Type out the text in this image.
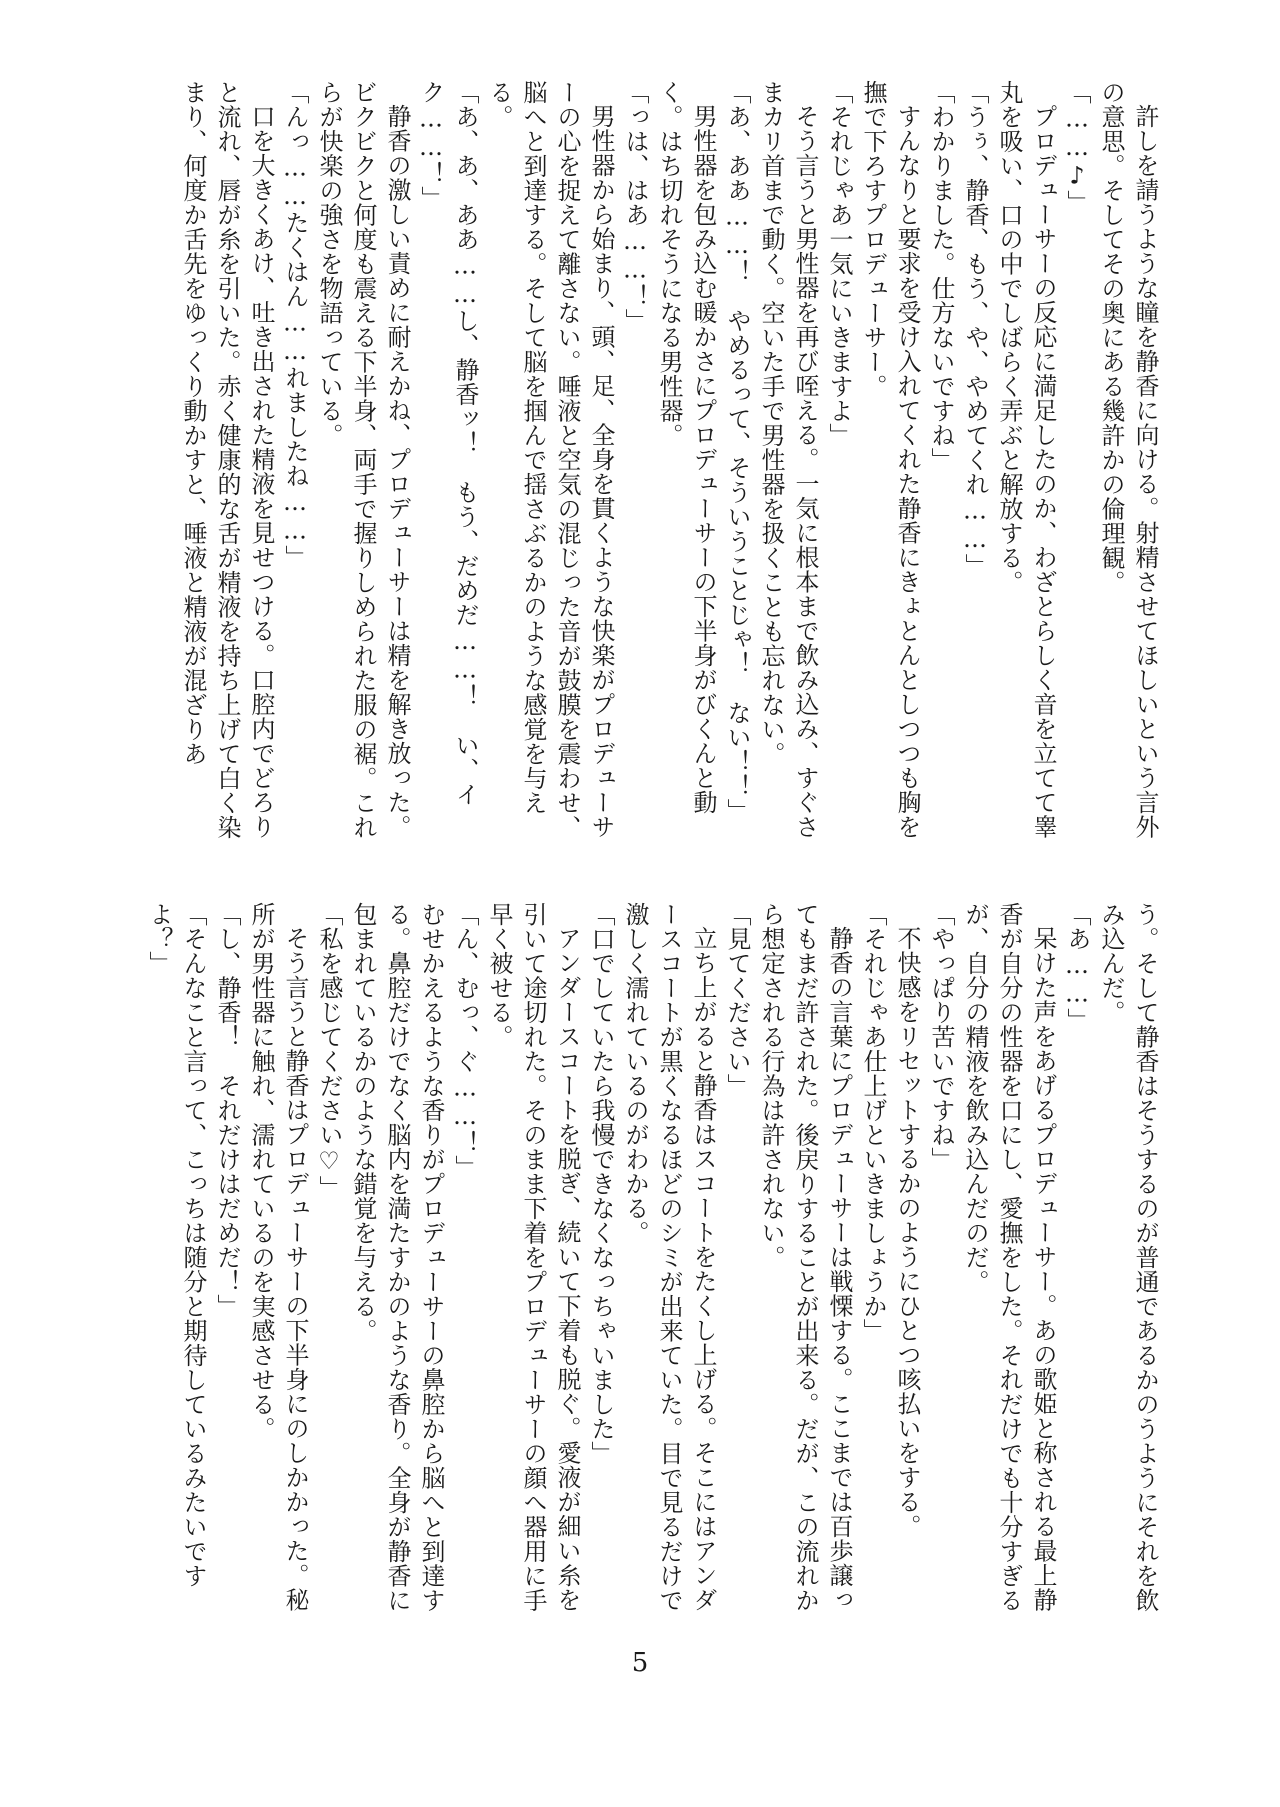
許しを請うような瞳を静香に向ける。射精させてほしいという言外の意思。そしてその奥にある幾許かの倫理観。

「……♪」

プロデューサーの反応に満足したのか、わざとらしく音を立てて睾丸を吸い、口の中でしばらく弄ぶと解放する。

「うぅ、静香、もう、や、やめてくれ……」

「わかりました。仕方ないですね」

すんなりと要求を受け入れてくれた静香にきょとんとしつつも胸を撫で下ろすプロデューサー。

「それじゃあ一気にいきますよ」

そう言うと男性器を再び咥える。一気に根本まで飲み込み、すぐさまカリ首まで動く。空いた手で男性器を扱くことも忘れない。

「あ、ああ……！　やめるって、そういうことじゃ！　ない！！」

男性器を包み込む暖かさにプロデューサーの下半身がびくんと動く。はち切れそうになる男性器。

「っは、はあ……！」

男性器から始まり、頭、足、全身を貫くような快楽がプロデューサーの心を捉えて離さない。唾液と空気の混じった音が鼓膜を震わせ、脳へと到達する。そして脳を掴んで揺さぶるかのような感覚を与える。

「あ、あ、ああ……し、静香ッ！　もう、だめだ……！　い、イク……！」

静香の激しい責めに耐えかね、プロデューサーは精を解き放った。ビクビクと何度も震える下半身、両手で握りしめられた服の裾。これらが快楽の強さを物語っている。

「んっ……たくはん……れましたね……」

口を大きくあけ、吐き出された精液を見せつける。口腔内でどろりと流れ、唇が糸を引いた。赤く健康的な舌が精液を持ち上げて白く染まり、何度か舌先をゆっくり動かすと、唾液と精液が混ざりあ

う。そして静香はそうするのが普通であるかのうようにそれを飲み込んだ。

「あ……」

呆けた声をあげるプロデューサー。あの歌姫と称される最上静香が自分の性器を口にし、愛撫をした。それだけでも十分すぎるが、自分の精液を飲み込んだのだ。

「やっぱり苦いですね」

不快感をリセットするかのようにひとつ咳払いをする。

「それじゃあ仕上げといきましょうか」

静香の言葉にプロデューサーは戦慄する。ここまでは百歩譲ってもまだ許された。後戻りすることが出来る。だが、この流れから想定される行為は許されない。

「見てください」

立ち上がると静香はスコートをたくし上げる。そこにはアンダースコートが黒くなるほどのシミが出来ていた。目で見るだけで激しく濡れているのがわかる。

「口でしていたら我慢できなくなっちゃいました」

アンダースコートを脱ぎ、続いて下着も脱ぐ。愛液が細い糸を引いて途切れた。そのまま下着をプロデューサーの顔へ器用に手早く被せる。

「ん、むっ、ぐ……！」

むせかえるような香りがプロデューサーの鼻腔から脳へと到達する。鼻腔だけでなく脳内を満たすかのような香り。全身が静香に包まれているかのような錯覚を与える。

「私を感じてください♡」

そう言うと静香はプロデューサーの下半身にのしかかった。秘所が男性器に触れ、濡れているのを実感させる。

「し、静香！　それだけはだめだ！」

「そんなこと言って、こっちは随分と期待しているみたいですよ？」

5
